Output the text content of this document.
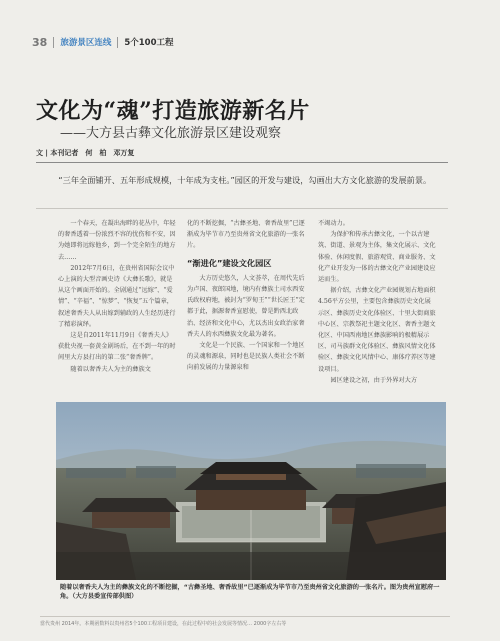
38 旅游景区连线 5个100工程
文化为“魂”打造旅游新名片
——大方县古彝文化旅游景区建设观察
文 | 本刊记者　何　柏　邓万复

“三年全面铺开、五年形成规模，十年成为支柱。”园区的开发与建设，勾画出大方文化旅游的发展前景。

一个春天，在凝出海畔的花丛中，年轻的奢香透着一份浓烈不容的忧伤和不安，因为她即将远嫁他乡，到一个完全陌生的地方去……

2012年7月6日，在贵州省国际会议中心上演的大型音画史诗《大彝长歌》，就是从这个画面开始的。全剧通过“远嫁”、“爱情”、“辛福”、“惊梦”、“恢复”五个篇章，叙述奢香夫人从出嫁到辅政的人生经历进行了精彩演绎。

这是自2011年11月9日《奢香夫人》获批央视一套黄金剧场后，在不到一年的时间里大方县打出的第二张“奢香牌”。

随着以奢香夫人为主的彝族文

化的不断挖掘，“古彝圣地、奢香故里”已逐渐成为毕节市乃至贵州省文化旅游的一张名片。

“渐进化”建设文化园区

大方历史悠久，人文荟萃，在周代先后为卢国、夜郎国地，境内有彝族土司水西安氏政权府地，被封为“罗甸王”“世长匠王”定都于此，据源奢香宣慰使，曾是黔西北政治、经济和文化中心，尤以杰出女政治家奢香夫人的水西彝族文化最为著名。

文化是一个民族、一个国家和一个地区的灵魂和源泉，同时也是民族人类社会不断向前发展的力量源泉和

不竭动力。

为保护和传承古彝文化，一个以古建筑、街道、景观为主体，集文化展示、文化体验、休闲度假、旅游观赏、商业服务、文化产业开发为一体的古彝文化产业园建设应运而生。

据介绍，古彝文化产业园规划占地面积4.56平方公里，主要包含彝族历史文化展示区、彝族历史文化体验区、十里大街商旅中心区、宗教祭祀主题文化区、奢香主题文化区、中国西南地区彝族影响的极精展示区、司马族群文化体验区、彝族风情文化体验区、彝族文化风情中心、康体疗养区等建设项目。

园区建设之初，由于外界对大方

随着以奢香夫人为主的彝族文化的不断挖掘，“古彝圣地、奢香故里”已逐渐成为毕节市乃至贵州省文化旅游的一张名片。图为贵州宣慰府一角。（大方县委宣传部供图）

當代贵州 2014年。本期函数料以贵州省5个100工程项目建设，在此过程中的社会发展等情况… 2000字左右等
